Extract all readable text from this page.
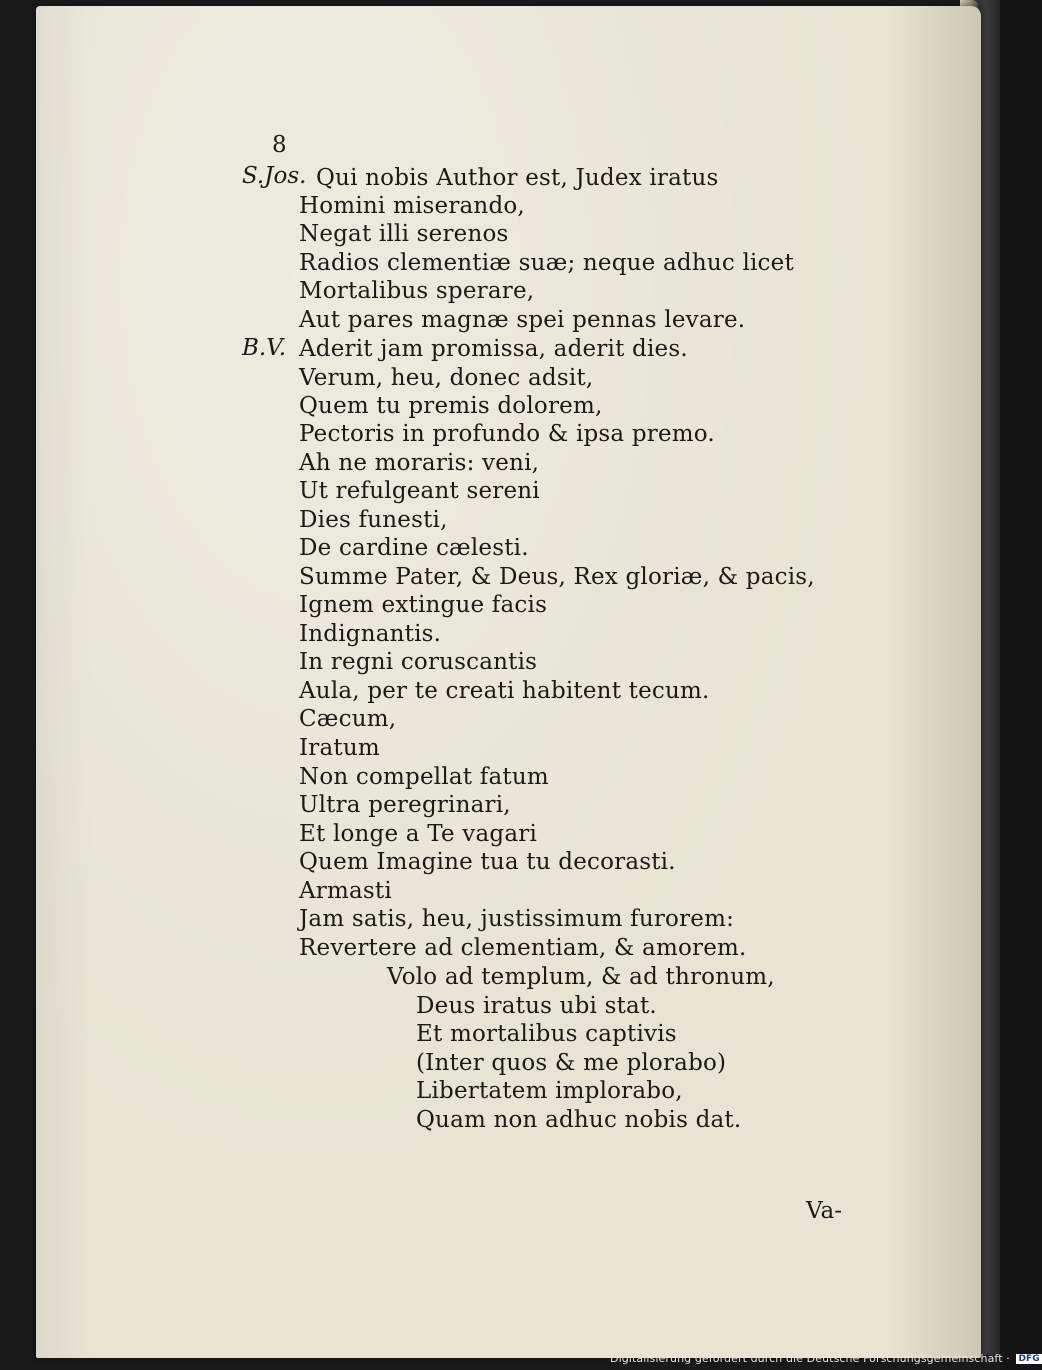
8
S.Jos.
B.V.
Qui nobis Author est, Judex iratus
Homini miserando,
Negat illi serenos
Radios clementiæ suæ; neque adhuc licet
Mortalibus sperare,
Aut pares magnæ spei pennas levare.
Aderit jam promissa, aderit dies.
Verum, heu, donec adsit,
Quem tu premis dolorem,
Pectoris in profundo & ipsa premo.
Ah ne moraris: veni,
Ut refulgeant sereni
Dies funesti,
De cardine cælesti.
Summe Pater, & Deus, Rex gloriæ, & pacis,
Ignem extingue facis
Indignantis.
In regni coruscantis
Aula, per te creati habitent tecum.
Cæcum,
Iratum
Non compellat fatum
Ultra peregrinari,
Et longe a Te vagari
Quem Imagine tua tu decorasti.
Armasti
Jam satis, heu, justissimum furorem:
Revertere ad clementiam, & amorem.
Volo ad templum, & ad thronum,
Deus iratus ubi stat.
Et mortalibus captivis
(Inter quos & me plorabo)
Libertatem implorabo,
Quam non adhuc nobis dat.
Va-
Digitalisierung gefördert durch die Deutsche Forschungsgemeinschaft · DFG
